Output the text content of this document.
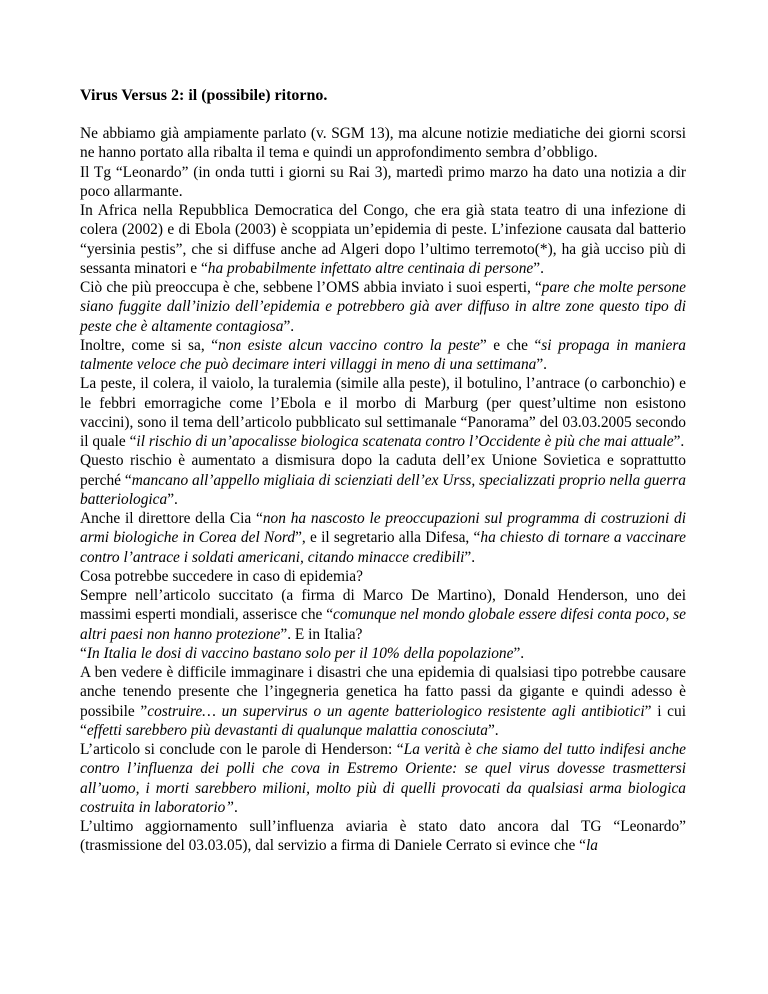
Virus Versus 2: il (possibile) ritorno.

Ne abbiamo già ampiamente parlato (v. SGM 13), ma alcune notizie mediatiche dei giorni scorsi ne hanno portato alla ribalta il tema e quindi un approfondimento sembra d’obbligo.

Il Tg “Leonardo” (in onda tutti i giorni su Rai 3), martedì primo marzo ha dato una notizia a dir poco allarmante.

In Africa nella Repubblica Democratica del Congo, che era già stata teatro di una infezione di colera (2002) e di Ebola (2003) è scoppiata un’epidemia di peste. L’infezione causata dal batterio “yersinia pestis”, che si diffuse anche ad Algeri dopo l’ultimo terremoto(*), ha già ucciso più di sessanta minatori e “ha probabilmente infettato altre centinaia di persone”.

Ciò che più preoccupa è che, sebbene l’OMS abbia inviato i suoi esperti, “pare che molte persone siano fuggite dall’inizio dell’epidemia e potrebbero già aver diffuso in altre zone questo tipo di peste che è altamente contagiosa”.

Inoltre, come si sa, “non esiste alcun vaccino contro la peste” e che “si propaga in maniera talmente veloce che può decimare interi villaggi in meno di una settimana”.

La peste, il colera, il vaiolo, la turalemia (simile alla peste), il botulino, l’antrace (o carbonchio) e le febbri emorragiche come l’Ebola e il morbo di Marburg (per quest’ultime non esistono vaccini), sono il tema dell’articolo pubblicato sul settimanale “Panorama” del 03.03.2005 secondo il quale “il rischio di un’apocalisse biologica scatenata contro l’Occidente è più che mai attuale”.

Questo rischio è aumentato a dismisura dopo la caduta dell’ex Unione Sovietica e soprattutto perché “mancano all’appello migliaia di scienziati dell’ex Urss, specializzati proprio nella guerra batteriologica”.

Anche il direttore della Cia “non ha nascosto le preoccupazioni sul programma di costruzioni di armi biologiche in Corea del Nord”, e il segretario alla Difesa, “ha chiesto di tornare a vaccinare contro l’antrace i soldati americani, citando minacce credibili”.

Cosa potrebbe succedere in caso di epidemia?

Sempre nell’articolo succitato (a firma di Marco De Martino), Donald Henderson, uno dei massimi esperti mondiali, asserisce che “comunque nel mondo globale essere difesi conta poco, se altri paesi non hanno protezione”. E in Italia?

“In Italia le dosi di vaccino bastano solo per il 10% della popolazione”.

A ben vedere è difficile immaginare i disastri che una epidemia di qualsiasi tipo potrebbe causare anche tenendo presente che l’ingegneria genetica ha fatto passi da gigante e quindi adesso è possibile ”costruire… un supervirus o un agente batteriologico resistente agli antibiotici” i cui “effetti sarebbero più devastanti di qualunque malattia conosciuta”.

L’articolo si conclude con le parole di Henderson: “La verità è che siamo del tutto indifesi anche contro l’influenza dei polli che cova in Estremo Oriente: se quel virus dovesse trasmettersi all’uomo, i morti sarebbero milioni, molto più di quelli provocati da qualsiasi arma biologica costruita in laboratorio”.

L’ultimo aggiornamento sull’influenza aviaria è stato dato ancora dal TG “Leonardo” (trasmissione del 03.03.05), dal servizio a firma di Daniele Cerrato si evince che “la
